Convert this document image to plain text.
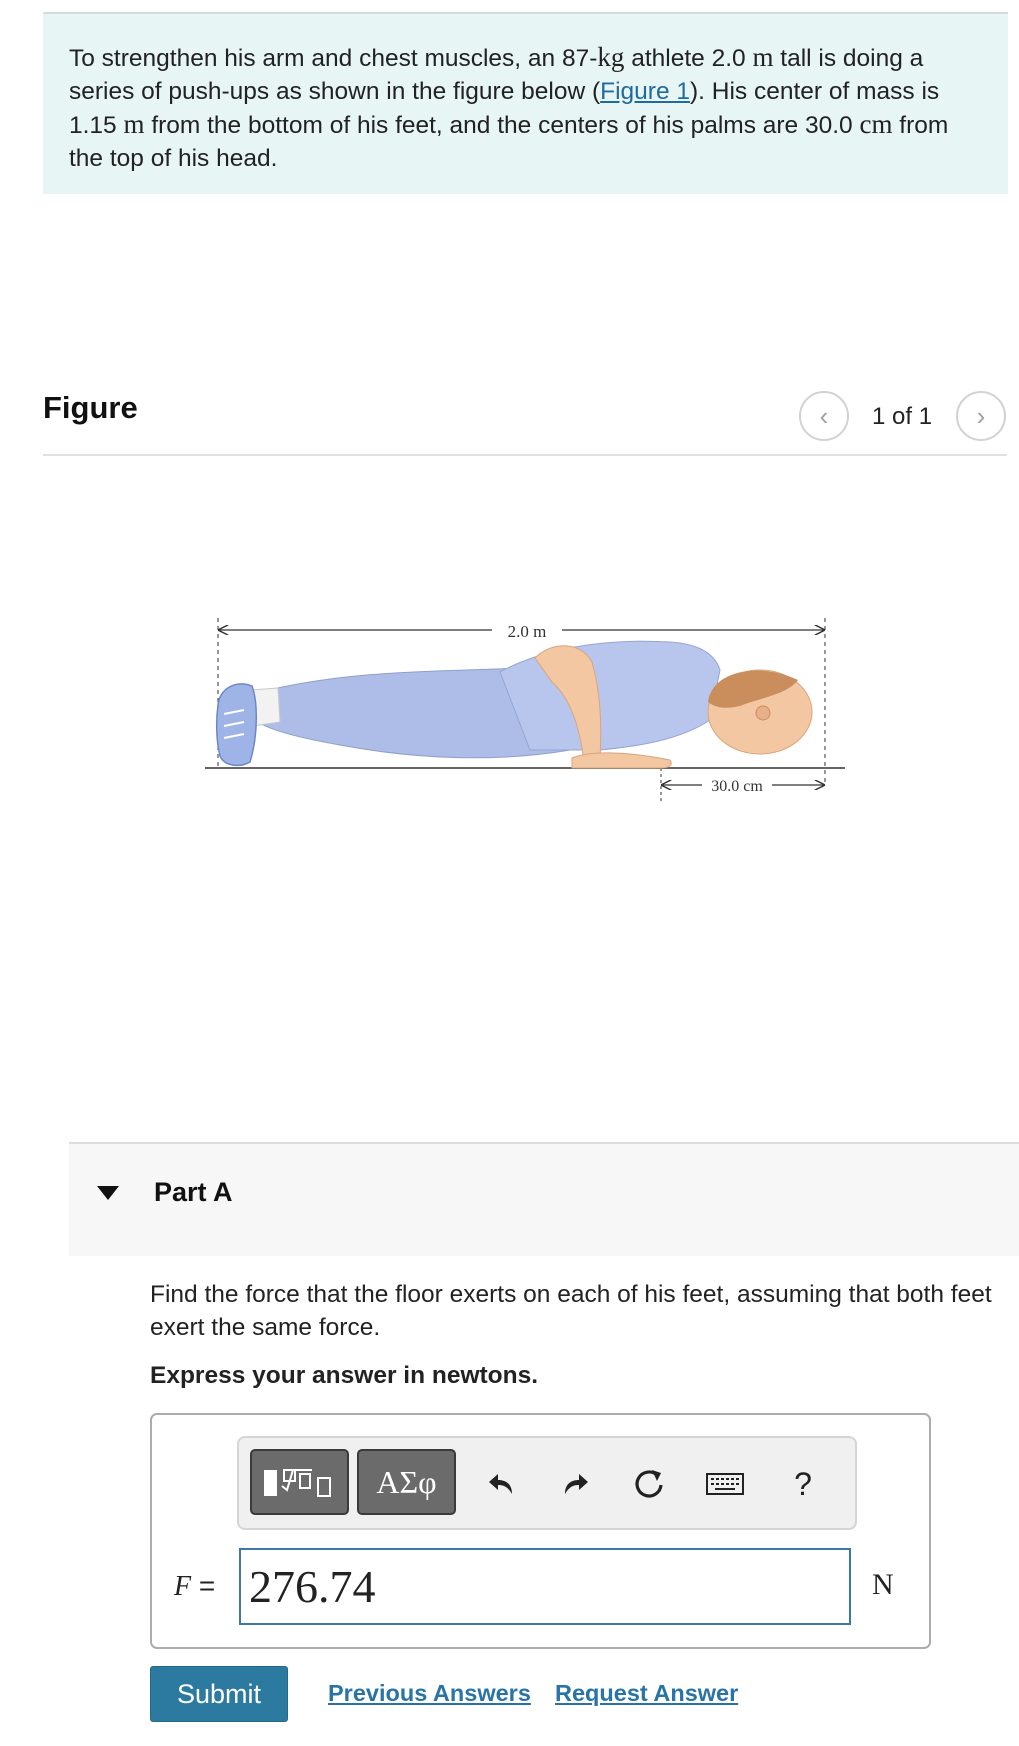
To strengthen his arm and chest muscles, an 87-kg athlete 2.0 m tall is doing a series of push-ups as shown in the figure below (Figure 1). His center of mass is 1.15 m from the bottom of his feet, and the centers of his palms are 30.0 cm from the top of his head.

Figure	‹ 1 of 1 ›
2.0 m
30.0 cm
Part A

Find the force that the floor exerts on each of his feet, assuming that both feet exert the same force.

Express your answer in newtons.

ΑΣφ	?
F =
276.74	N
Submit	Previous Answers Request Answer
